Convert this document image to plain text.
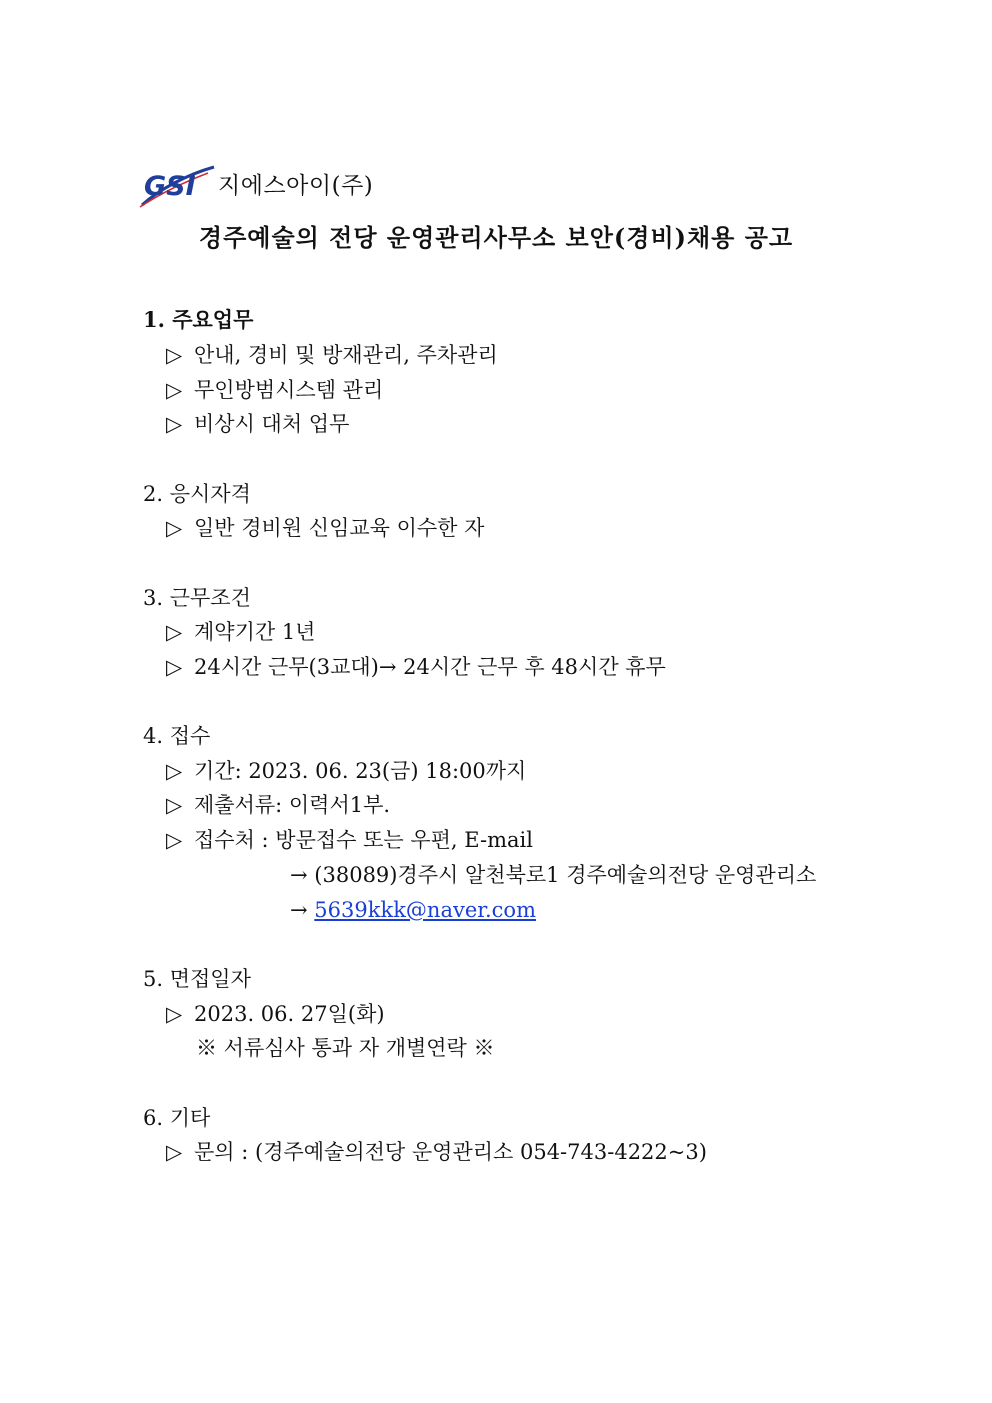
GSI 지에스아이(주)
경주예술의 전당 운영관리사무소 보안(경비)채용 공고

1. 주요업무

▷ 안내, 경비 및 방재관리, 주차관리

▷ 무인방범시스템 관리

▷ 비상시 대처 업무

2. 응시자격

▷ 일반 경비원 신임교육 이수한 자

3. 근무조건

▷ 계약기간 1년

▷ 24시간 근무(3교대)→ 24시간 근무 후 48시간 휴무

4. 접수

▷ 기간: 2023. 06. 23(금) 18:00까지

▷ 제출서류: 이력서1부.

▷ 접수처 : 방문접수 또는 우편, E-mail

→ (38089)경주시 알천북로1 경주예술의전당 운영관리소

→ 5639kkk@naver.com

5. 면접일자

▷ 2023. 06. 27일(화)

※ 서류심사 통과 자 개별연락 ※

6. 기타

▷ 문의 : (경주예술의전당 운영관리소 054-743-4222~3)
